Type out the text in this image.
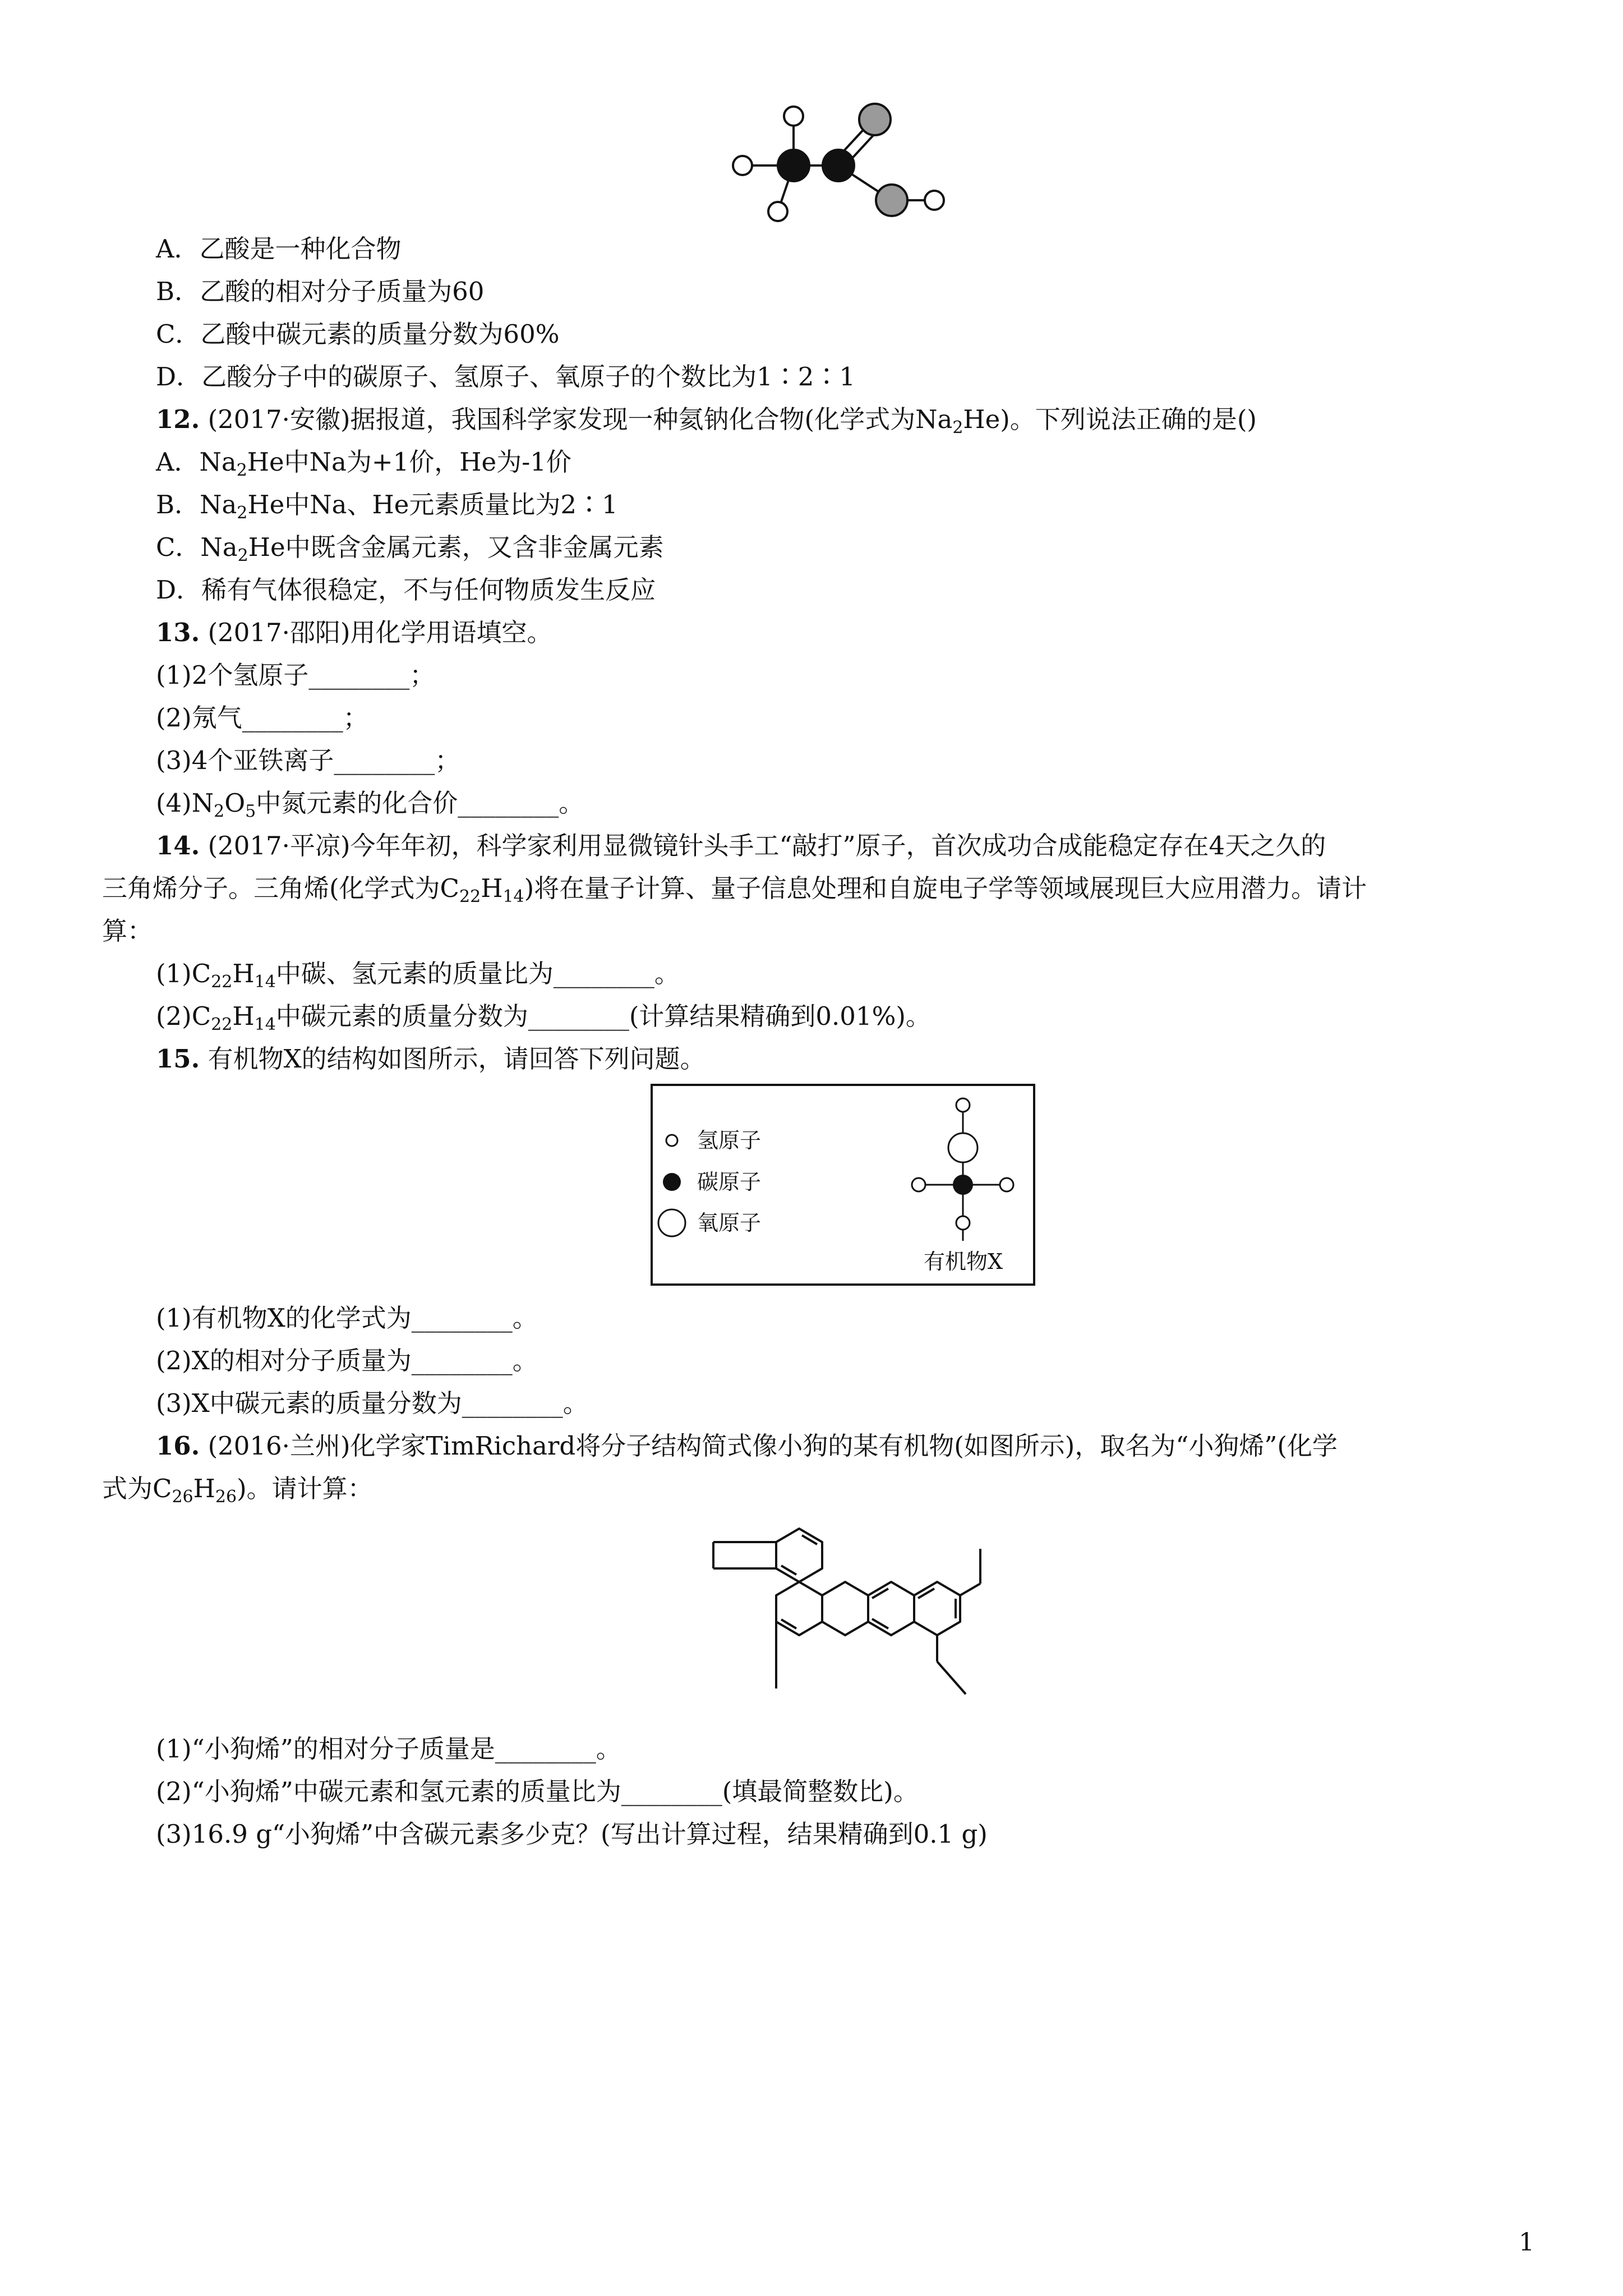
A．乙酸是一种化合物
B．乙酸的相对分子质量为60
C．乙酸中碳元素的质量分数为60%
D．乙酸分子中的碳原子、氢原子、氧原子的个数比为1∶2∶1
12. (2017·安徽)据报道，我国科学家发现一种氦钠化合物(化学式为$Na_2He$)。下列说法正确的是()
A．$Na_2He$中Na为+1价，He为-1价
B．$Na_2He$中Na、He元素质量比为2∶1
C．$Na_2He$中既含金属元素，又含非金属元素
D．稀有气体很稳定，不与任何物质发生反应
13. (2017·邵阳)用化学用语填空。
(1)2个氢原子________；
(2)氖气________；
(3)4个亚铁离子________；
$(4)N_2O_5$中氮元素的化合价________。
14. (2017·平凉)今年年初，科学家利用显微镜针头手工“敲打”原子，首次成功合成能稳定存在4天之久的
三角烯分子。三角烯(化学式为$C_{22}H_{14}$)将在量子计算、量子信息处理和自旋电子学等领域展现巨大应用潜力。请计
算：
$(1)C_{22}H_{14}$中碳、氢元素的质量比为________。
$(2)C_{22}H_{14}$中碳元素的质量分数为________(计算结果精确到0.01%)。
15. 有机物X的结构如图所示，请回答下列问题。
氢原子
碳原子
氧原子
有机物X
(1)有机物X的化学式为________。
(2)X的相对分子质量为________。
(3)X中碳元素的质量分数为________。
16. (2016·兰州)化学家TimRichard将分子结构简式像小狗的某有机物(如图所示)，取名为“小狗烯”(化学
式为$C_{26}H_{26}$)。请计算：
(1)“小狗烯”的相对分子质量是________。
(2)“小狗烯”中碳元素和氢元素的质量比为________(填最简整数比)。
(3)16.9 g“小狗烯”中含碳元素多少克？(写出计算过程，结果精确到0.1 g)
1
